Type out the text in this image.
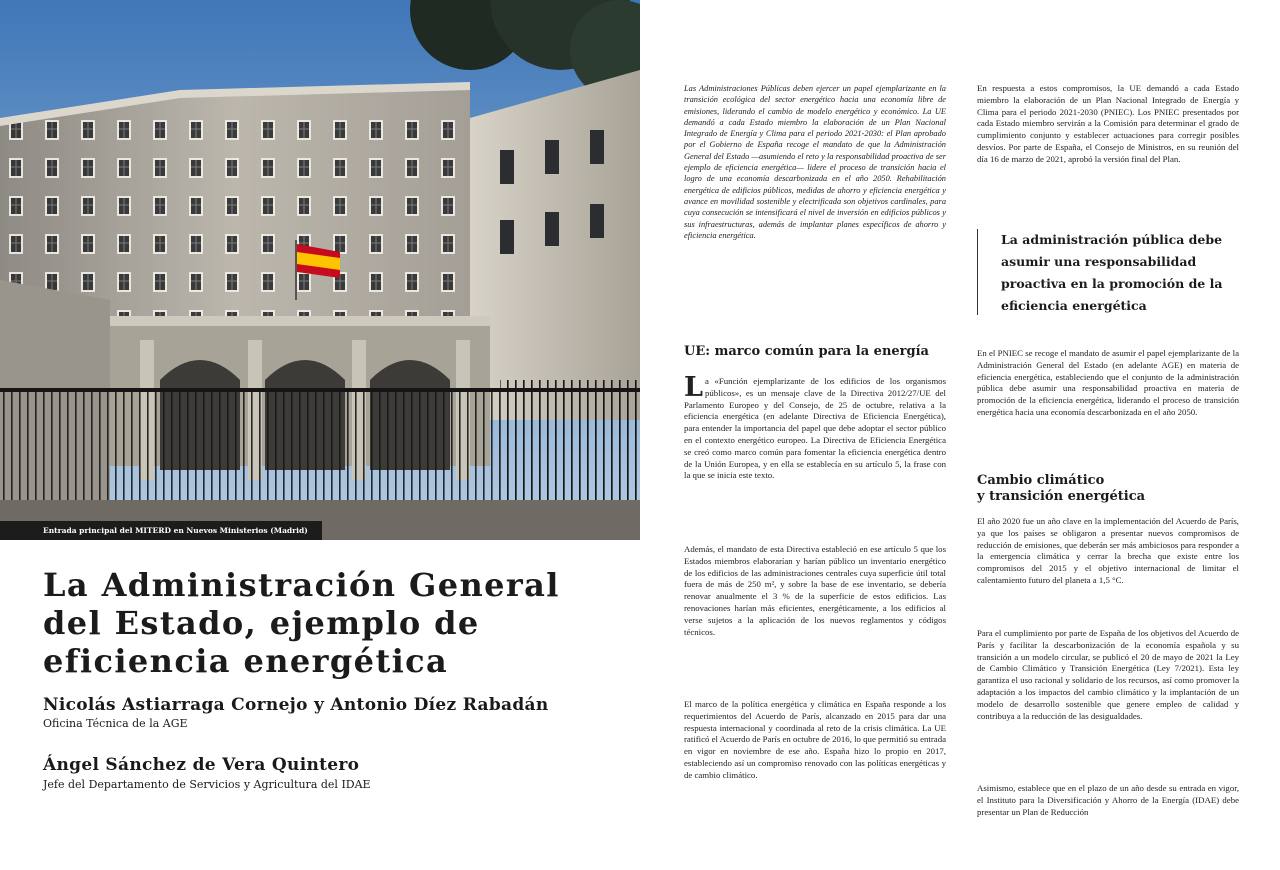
Entrada principal del MITERD en Nuevos Ministerios (Madrid)
La Administración General del Estado, ejemplo de eficiencia energética
Nicolás Astiarraga Cornejo y Antonio Díez Rabadán
Oficina Técnica de la AGE
Ángel Sánchez de Vera Quintero
Jefe del Departamento de Servicios y Agricultura del IDAE

Las Administraciones Públicas deben ejercer un papel ejemplarizante en la transición ecológica del sector energético hacia una economía libre de emisiones, liderando el cambio de modelo energético y económico. La UE demandó a cada Estado miembro la elaboración de un Plan Nacional Integrado de Energía y Clima para el periodo 2021-2030: el Plan aprobado por el Gobierno de España recoge el mandato de que la Administración General del Estado —asumiendo el reto y la responsabilidad proactiva de ser ejemplo de eficiencia energética— lidere el proceso de transición hacia el logro de una economía descarbonizada en el año 2050. Rehabilitación energética de edificios públicos, medidas de ahorro y eficiencia energética y avance en movilidad sostenible y electrificada son objetivos cardinales, para cuya consecución se intensificará el nivel de inversión en edificios públicos y sus infraestructuras, además de implantar planes específicos de ahorro y eficiencia energética.

UE: marco común para la energía
La «Función ejemplarizante de los edificios de los organismos públicos», es un mensaje clave de la Directiva 2012/27/UE del Parlamento Europeo y del Consejo, de 25 de octubre, relativa a la eficiencia energética (en adelante Directiva de Eficiencia Energética), para entender la importancia del papel que debe adoptar el sector público en el contexto energético europeo. La Directiva de Eficiencia Energética se creó como marco común para fomentar la eficiencia energética dentro de la Unión Europea, y en ella se establecía en su artículo 5, la frase con la que se inicia este texto.

Además, el mandato de esta Directiva estableció en ese artículo 5 que los Estados miembros elaborarían y harían público un inventario energético de los edificios de las administraciones centrales cuya superficie útil total fuera de más de 250 m², y sobre la base de ese inventario, se debería renovar anualmente el 3 % de la superficie de estos edificios. Las renovaciones harían más eficientes, energéticamente, a los edificios al verse sujetos a la aplicación de los nuevos reglamentos y códigos técnicos.

El marco de la política energética y climática en España responde a los requerimientos del Acuerdo de París, alcanzado en 2015 para dar una respuesta internacional y coordinada al reto de la crisis climática. La UE ratificó el Acuerdo de París en octubre de 2016, lo que permitió su entrada en vigor en noviembre de ese año. España hizo lo propio en 2017, estableciendo así un compromiso renovado con las políticas energéticas y de cambio climático.

En respuesta a estos compromisos, la UE demandó a cada Estado miembro la elaboración de un Plan Nacional Integrado de Energía y Clima para el periodo 2021-2030 (PNIEC). Los PNIEC presentados por cada Estado miembro servirán a la Comisión para determinar el grado de cumplimiento conjunto y establecer actuaciones para corregir posibles desvíos. Por parte de España, el Consejo de Ministros, en su reunión del día 16 de marzo de 2021, aprobó la versión final del Plan.

La administración pública debe asumir una responsabilidad proactiva en la promoción de la eficiencia energética

En el PNIEC se recoge el mandato de asumir el papel ejemplarizante de la Administración General del Estado (en adelante AGE) en materia de eficiencia energética, estableciendo que el conjunto de la administración pública debe asumir una responsabilidad proactiva en materia de promoción de la eficiencia energética, liderando el proceso de transición energética hacia una economía descarbonizada en el año 2050.

Cambio climático
y transición energética

El año 2020 fue un año clave en la implementación del Acuerdo de París, ya que los países se obligaron a presentar nuevos compromisos de reducción de emisiones, que deberán ser más ambiciosos para responder a la emergencia climática y cerrar la brecha que existe entre los compromisos del 2015 y el objetivo internacional de limitar el calentamiento futuro del planeta a 1,5 °C.

Para el cumplimiento por parte de España de los objetivos del Acuerdo de París y facilitar la descarbonización de la economía española y su transición a un modelo circular, se publicó el 20 de mayo de 2021 la Ley de Cambio Climático y Transición Energética (Ley 7/2021). Esta ley garantiza el uso racional y solidario de los recursos, así como promover la adaptación a los impactos del cambio climático y la implantación de un modelo de desarrollo sostenible que genere empleo de calidad y contribuya a la reducción de las desigualdades.

Asimismo, establece que en el plazo de un año desde su entrada en vigor, el Instituto para la Diversificación y Ahorro de la Energía (IDAE) debe presentar un Plan de Reducción
